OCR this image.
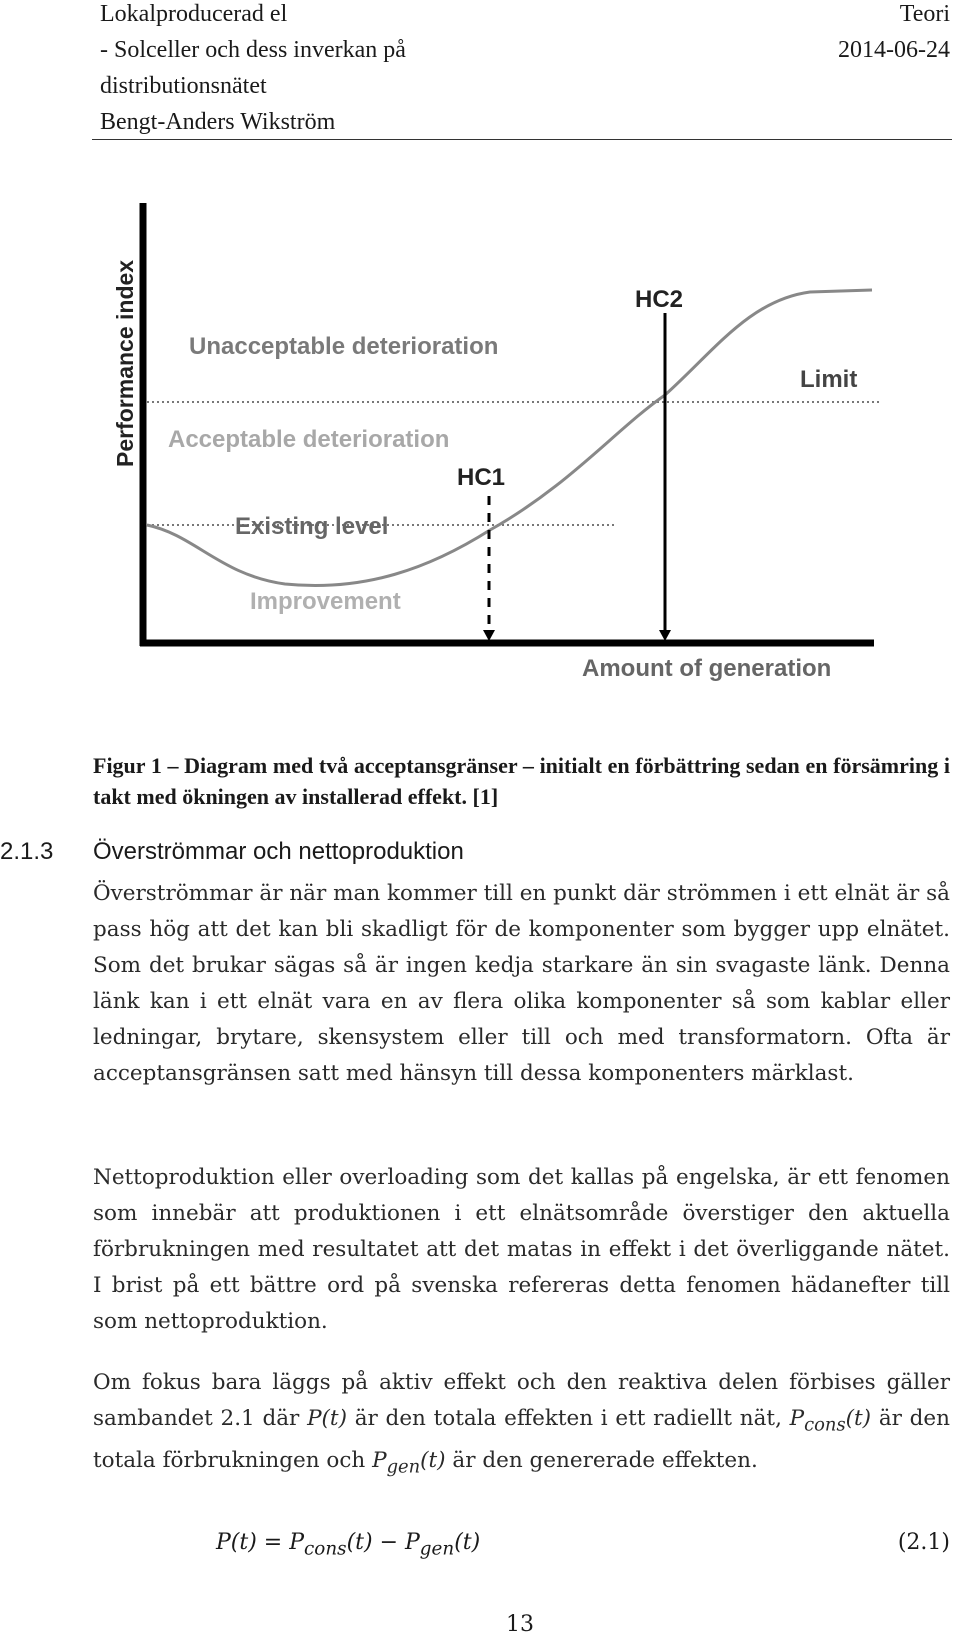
Lokalproducerad el
- Solceller och dess inverkan på
distributionsnätet
Bengt-Anders Wikström
Teori
2014-06-24
Performance index Unacceptable deterioration
Acceptable deterioration
Existing level
Improvement
Limit
HC1
HC2
Amount of generation
Figur 1 – Diagram med två acceptansgränser – initialt en förbättring sedan en försämring i takt med ökningen av installerad effekt. [1]
2.1.3 Överströmmar och nettoproduktion
Överströmmar är när man kommer till en punkt där strömmen i ett elnät är så pass hög att det kan bli skadligt för de komponenter som bygger upp elnätet. Som det brukar sägas så är ingen kedja starkare än sin svagaste länk. Denna länk kan i ett elnät vara en av flera olika komponenter så som kablar eller ledningar, brytare, skensystem eller till och med transformatorn. Ofta är acceptansgränsen satt med hänsyn till dessa komponenters märklast.
Nettoproduktion eller overloading som det kallas på engelska, är ett fenomen som innebär att produktionen i ett elnätsområde överstiger den aktuella förbrukningen med resultatet att det matas in effekt i det överliggande nätet. I brist på ett bättre ord på svenska refereras detta fenomen hädanefter till som nettoproduktion.
Om fokus bara läggs på aktiv effekt och den reaktiva delen förbises gäller sambandet 2.1 där P(t) är den totala effekten i ett radiellt nät, $P_{cons}(t)$ är den totala förbrukningen och $P_{gen}(t)$ är den genererade effekten.
$P(t) = P_{cons}(t) - P_{gen}(t)$	(2.1)
13
